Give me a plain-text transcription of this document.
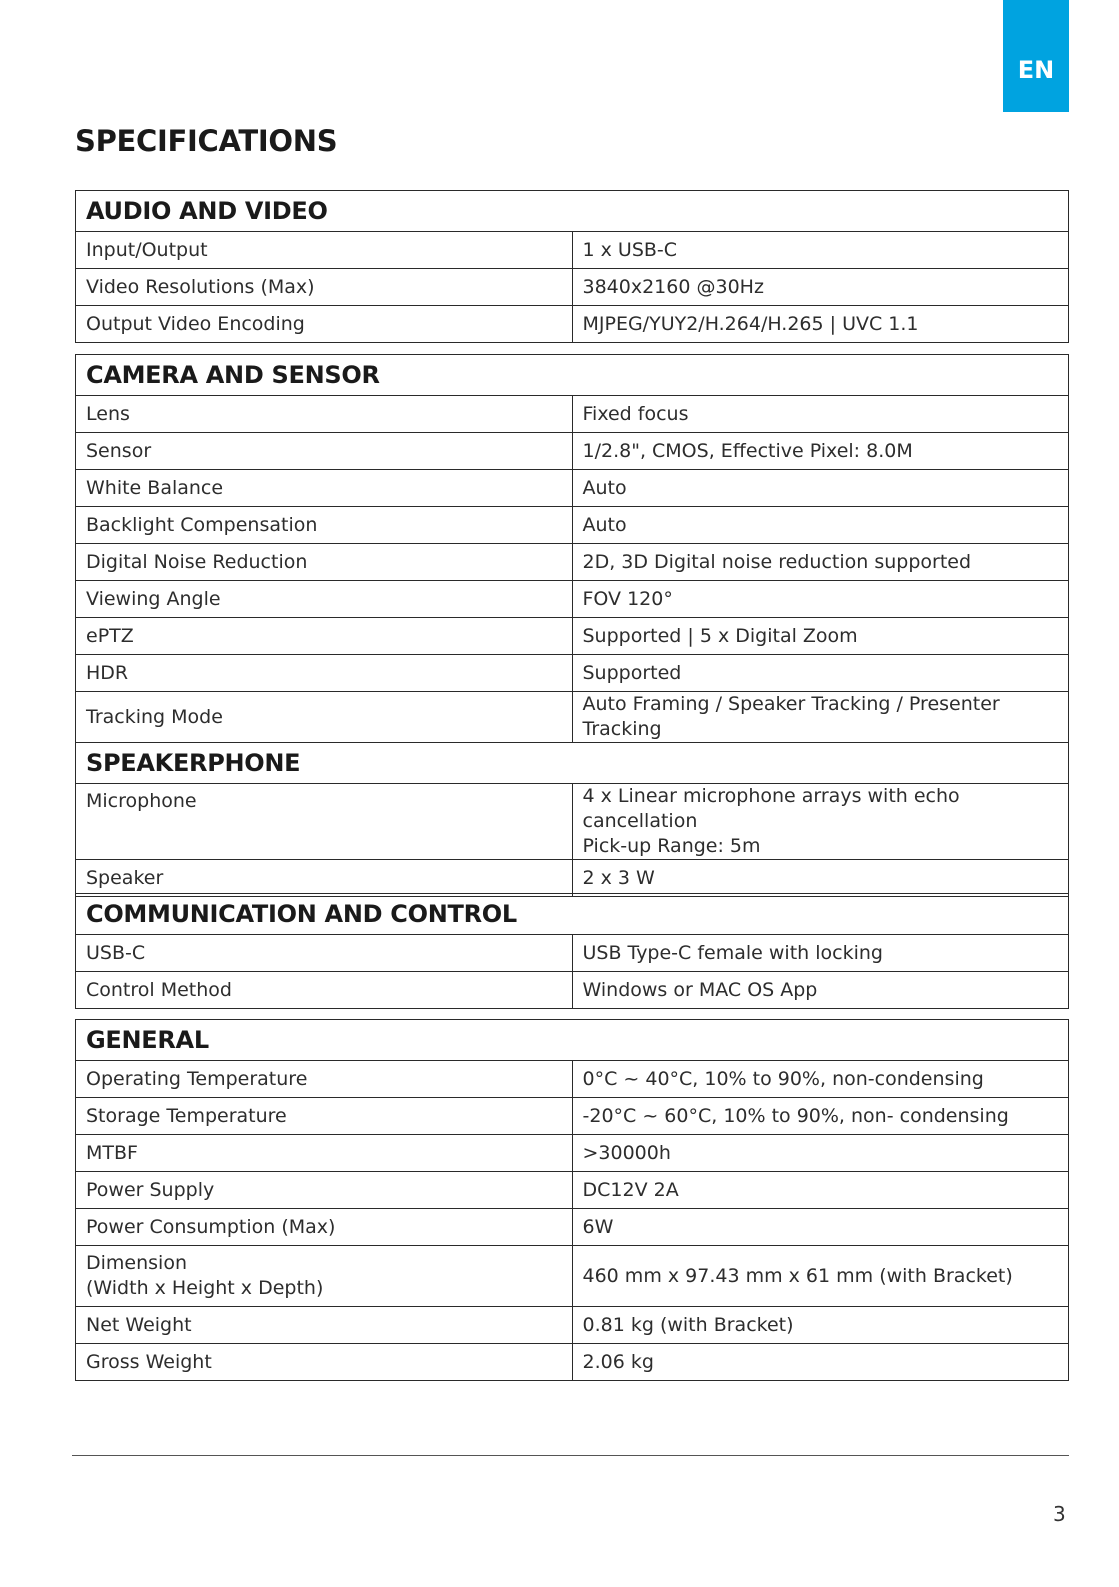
EN
SPECIFICATIONS
AUDIO AND VIDEO	
Input/Output	1 x USB-C
Video Resolutions (Max)	3840x2160 @30Hz
Output Video Encoding	MJPEG/YUY2/H.264/H.265 | UVC 1.1
CAMERA AND SENSOR	
Lens	Fixed focus
Sensor	1/2.8", CMOS, Effective Pixel: 8.0M
White Balance	Auto
Backlight Compensation	Auto
Digital Noise Reduction	2D, 3D Digital noise reduction supported
Viewing Angle	FOV 120°
ePTZ	Supported | 5 x Digital Zoom
HDR	Supported
Tracking Mode	Auto Framing / Speaker Tracking / Presenter Tracking
SPEAKERPHONE	
Microphone	4 x Linear microphone arrays with echo cancellation
Pick-up Range: 5m

Speaker	2 x 3 W
COMMUNICATION AND CONTROL	
USB-C	USB Type-C female with locking
Control Method	Windows or MAC OS App
GENERAL	
Operating Temperature	0°C ~ 40°C, 10% to 90%, non-condensing
Storage Temperature	-20°C ~ 60°C, 10% to 90%, non- condensing
MTBF	>30000h
Power Supply	DC12V 2A
Power Consumption (Max)	6W

Dimension
(Width x Height x Depth)	460 mm x 97.43 mm x 61 mm (with Bracket)
Net Weight	0.81 kg (with Bracket)
Gross Weight	2.06 kg
3
